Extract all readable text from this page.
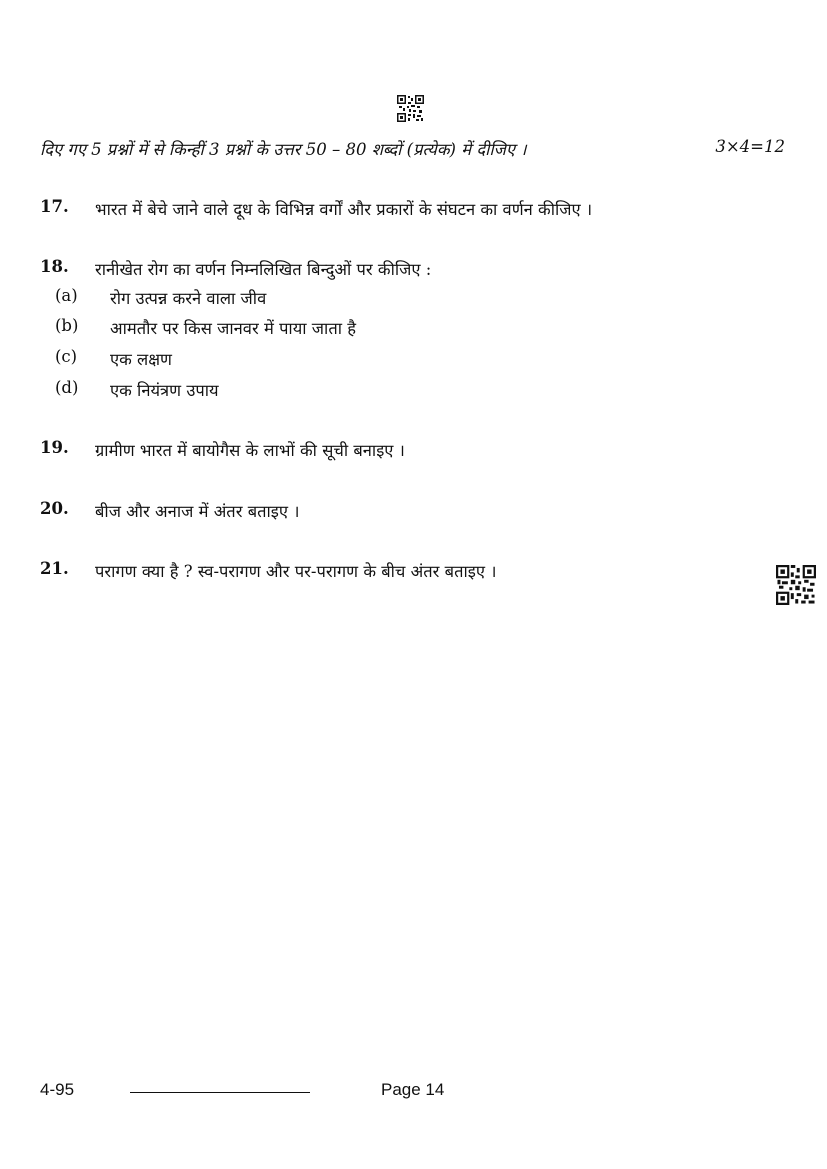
दिए गए 5 प्रश्नों में से किन्हीं 3 प्रश्नों के उत्तर 50 – 80 शब्दों (प्रत्येक) में दीजिए ।	3×4=12
17. भारत में बेचे जाने वाले दूध के विभिन्न वर्गों और प्रकारों के संघटन का वर्णन कीजिए ।
18. रानीखेत रोग का वर्णन निम्नलिखित बिन्दुओं पर कीजिए :
(a) रोग उत्पन्न करने वाला जीव
(b) आमतौर पर किस जानवर में पाया जाता है
(c) एक लक्षण
(d) एक नियंत्रण उपाय
19. ग्रामीण भारत में बायोगैस के लाभों की सूची बनाइए ।
20. बीज और अनाज में अंतर बताइए ।
21. परागण क्या है ? स्व-परागण और पर-परागण के बीच अंतर बताइए ।
4-95	Page 14
